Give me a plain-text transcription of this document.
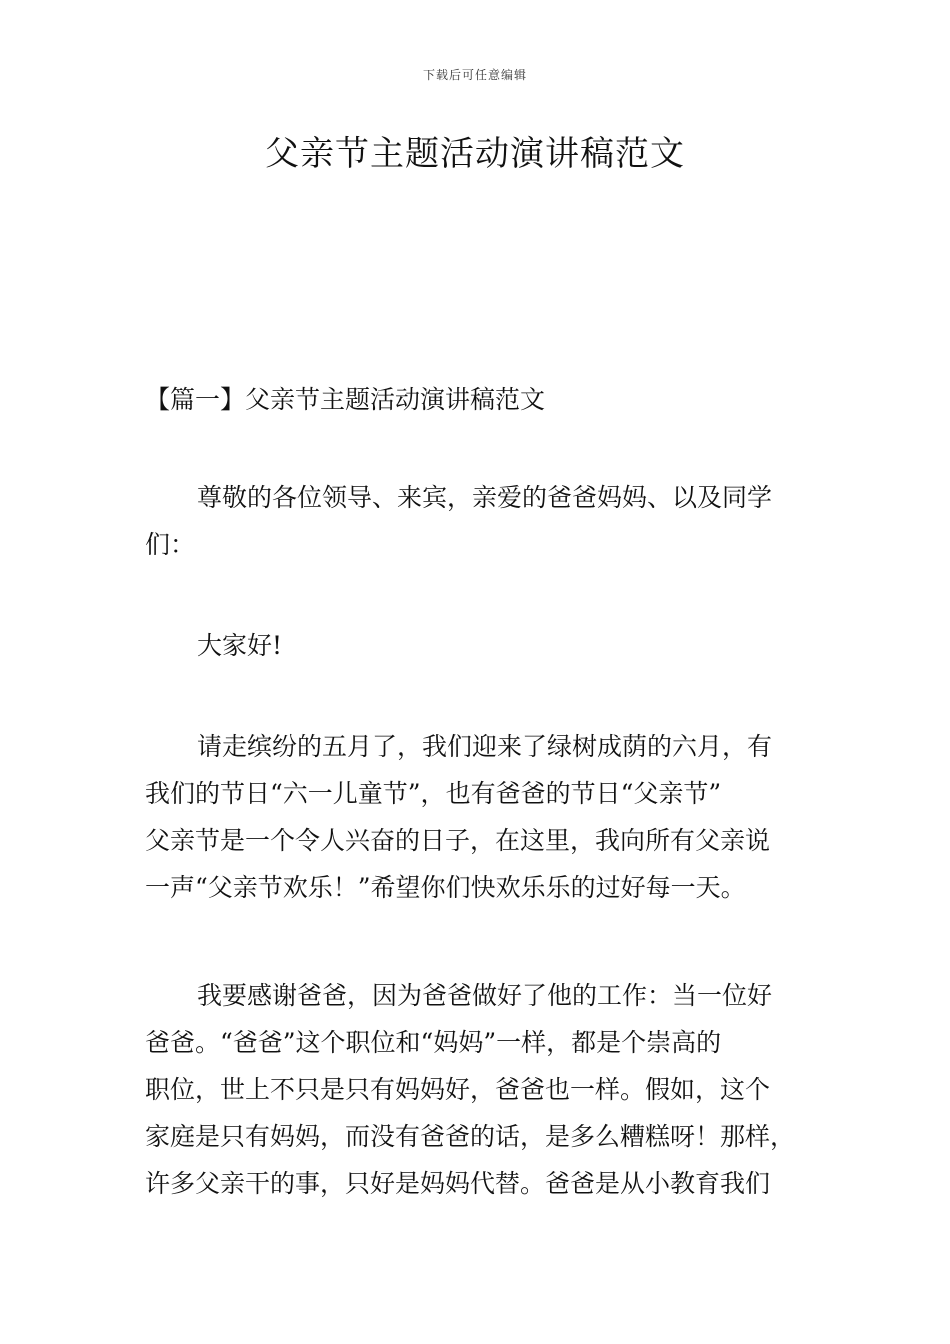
下载后可任意编辑
父亲节主题活动演讲稿范文
【篇一】父亲节主题活动演讲稿范文

尊敬的各位领导、来宾，亲爱的爸爸妈妈、以及同学
们：

大家好!

请走缤纷的五月了，我们迎来了绿树成荫的六月，有
我们的节日“六一儿童节”，也有爸爸的节日“父亲节”
父亲节是一个令人兴奋的日子，在这里，我向所有父亲说
一声“父亲节欢乐！”希望你们快欢乐乐的过好每一天。

我要感谢爸爸，因为爸爸做好了他的工作：当一位好
爸爸。“爸爸”这个职位和“妈妈”一样，都是个崇高的
职位，世上不只是只有妈妈好，爸爸也一样。假如，这个
家庭是只有妈妈，而没有爸爸的话，是多么糟糕呀！那样，
许多父亲干的事，只好是妈妈代替。爸爸是从小教育我们
